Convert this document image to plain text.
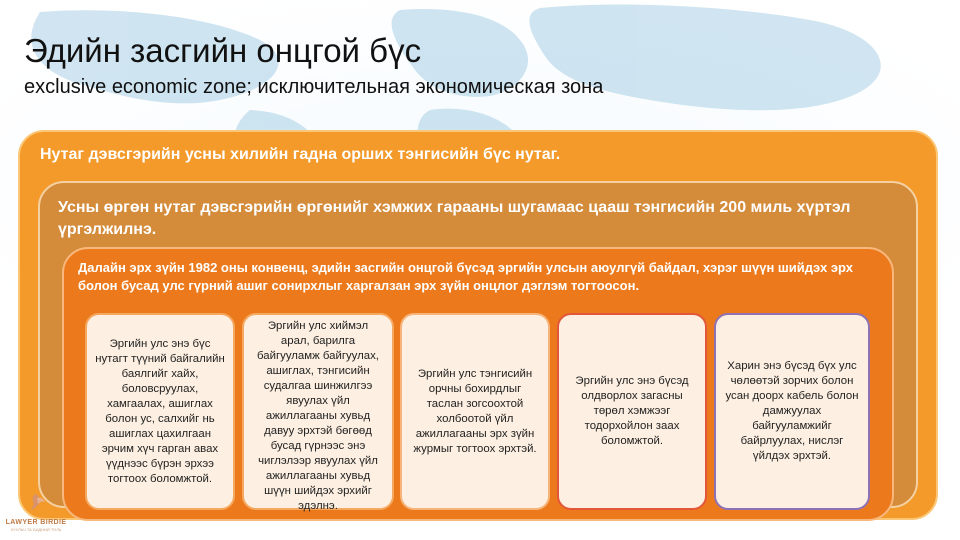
Эдийн засгийн онцгой бүс

exclusive economic zone; исключительная экономическая зона

Нутаг дэвсгэрийн усны хилийн гадна орших тэнгисийн бүс нутаг.
Усны өргөн нутаг дэвсгэрийн өргөнийг хэмжих гарааны шугамаас цааш тэнгисийн 200 миль хүртэл үргэлжилнэ.
Далайн эрх зүйн 1982 оны конвенц, эдийн засгийн онцгой бүсэд эргийн улсын аюулгүй байдал, хэрэг шүүн шийдэх эрх болон бусад улс гүрний ашиг сонирхлыг харгалзан эрх зүйн онцлог дэглэм тогтоосон.
Эргийн улс энэ бүс нутагт түүний байгалийн баялгийг хайх, боловсруулах, хамгаалах, ашиглах болон ус, салхийг нь ашиглах цахилгаан эрчим хүч гарган авах үүднээс бүрэн эрхээ тогтоох боломжтой.
Эргийн улс хиймэл арал, барилга байгууламж байгуулах, ашиглах, тэнгисийн судалгаа шинжилгээ явуулах үйл ажиллагааны хувьд давуу эрхтэй бөгөөд бусад гүрнээс энэ чиглэлээр явуулах үйл ажиллагааны хувьд шүүн шийдэх эрхийг эдэлнэ.
Эргийн улс тэнгисийн орчны бохирдлыг таслан зогсоохтой холбоотой үйл ажиллагааны эрх зүйн журмыг тогтоох эрхтэй.
Эргийн улс энэ бүсэд олдворлох загасны төрөл хэмжээг тодорхойлон заах боломжтой.
Харин энэ бүсэд бүх улс чөлөөтэй зорчих болон усан доорх кабель болон дамжуулах байгууламжийг байрлуулах, нислэг үйлдэх эрхтэй.
LAWYER BIRDIE
ХУУЛЬЧ ТА БИДНИЙ ТОЛЬ
